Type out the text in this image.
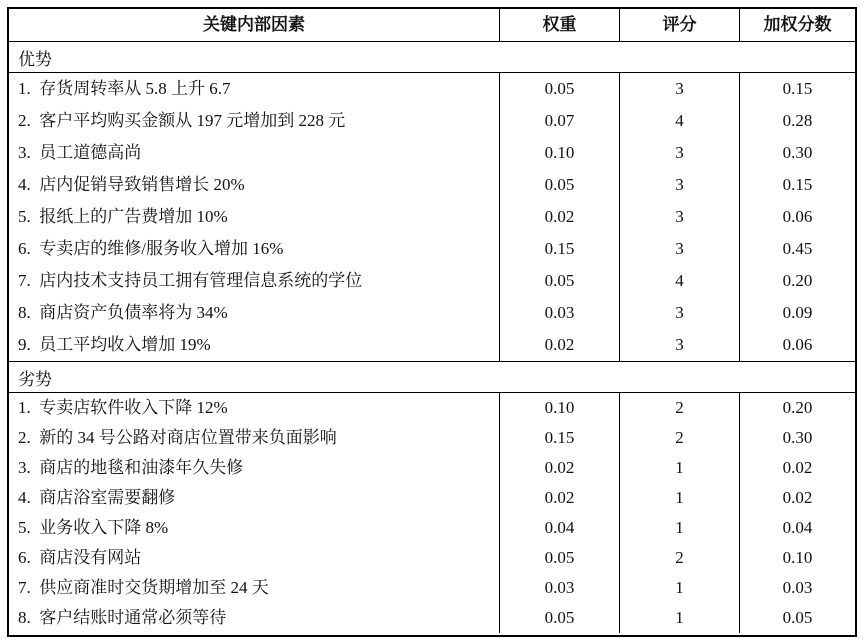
关键内部因素	权重	评分	加权分数
优势
1.  存货周转率从 5.8 上升 6.7	0.05	3	0.15
2.  客户平均购买金额从 197 元增加到 228 元	0.07	4	0.28
3.  员工道德高尚	0.10	3	0.30
4.  店内促销导致销售增长 20%	0.05	3	0.15
5.  报纸上的广告费增加 10%	0.02	3	0.06
6.  专卖店的维修/服务收入增加 16%	0.15	3	0.45
7.  店内技术支持员工拥有管理信息系统的学位	0.05	4	0.20
8.  商店资产负债率将为 34%	0.03	3	0.09
9.  员工平均收入增加 19%	0.02	3	0.06
劣势
1.  专卖店软件收入下降 12%	0.10	2	0.20
2.  新的 34 号公路对商店位置带来负面影响	0.15	2	0.30
3.  商店的地毯和油漆年久失修	0.02	1	0.02
4.  商店浴室需要翻修	0.02	1	0.02
5.  业务收入下降 8%	0.04	1	0.04
6.  商店没有网站	0.05	2	0.10
7.  供应商准时交货期增加至 24 天	0.03	1	0.03
8.  客户结账时通常必须等待	0.05	1	0.05
